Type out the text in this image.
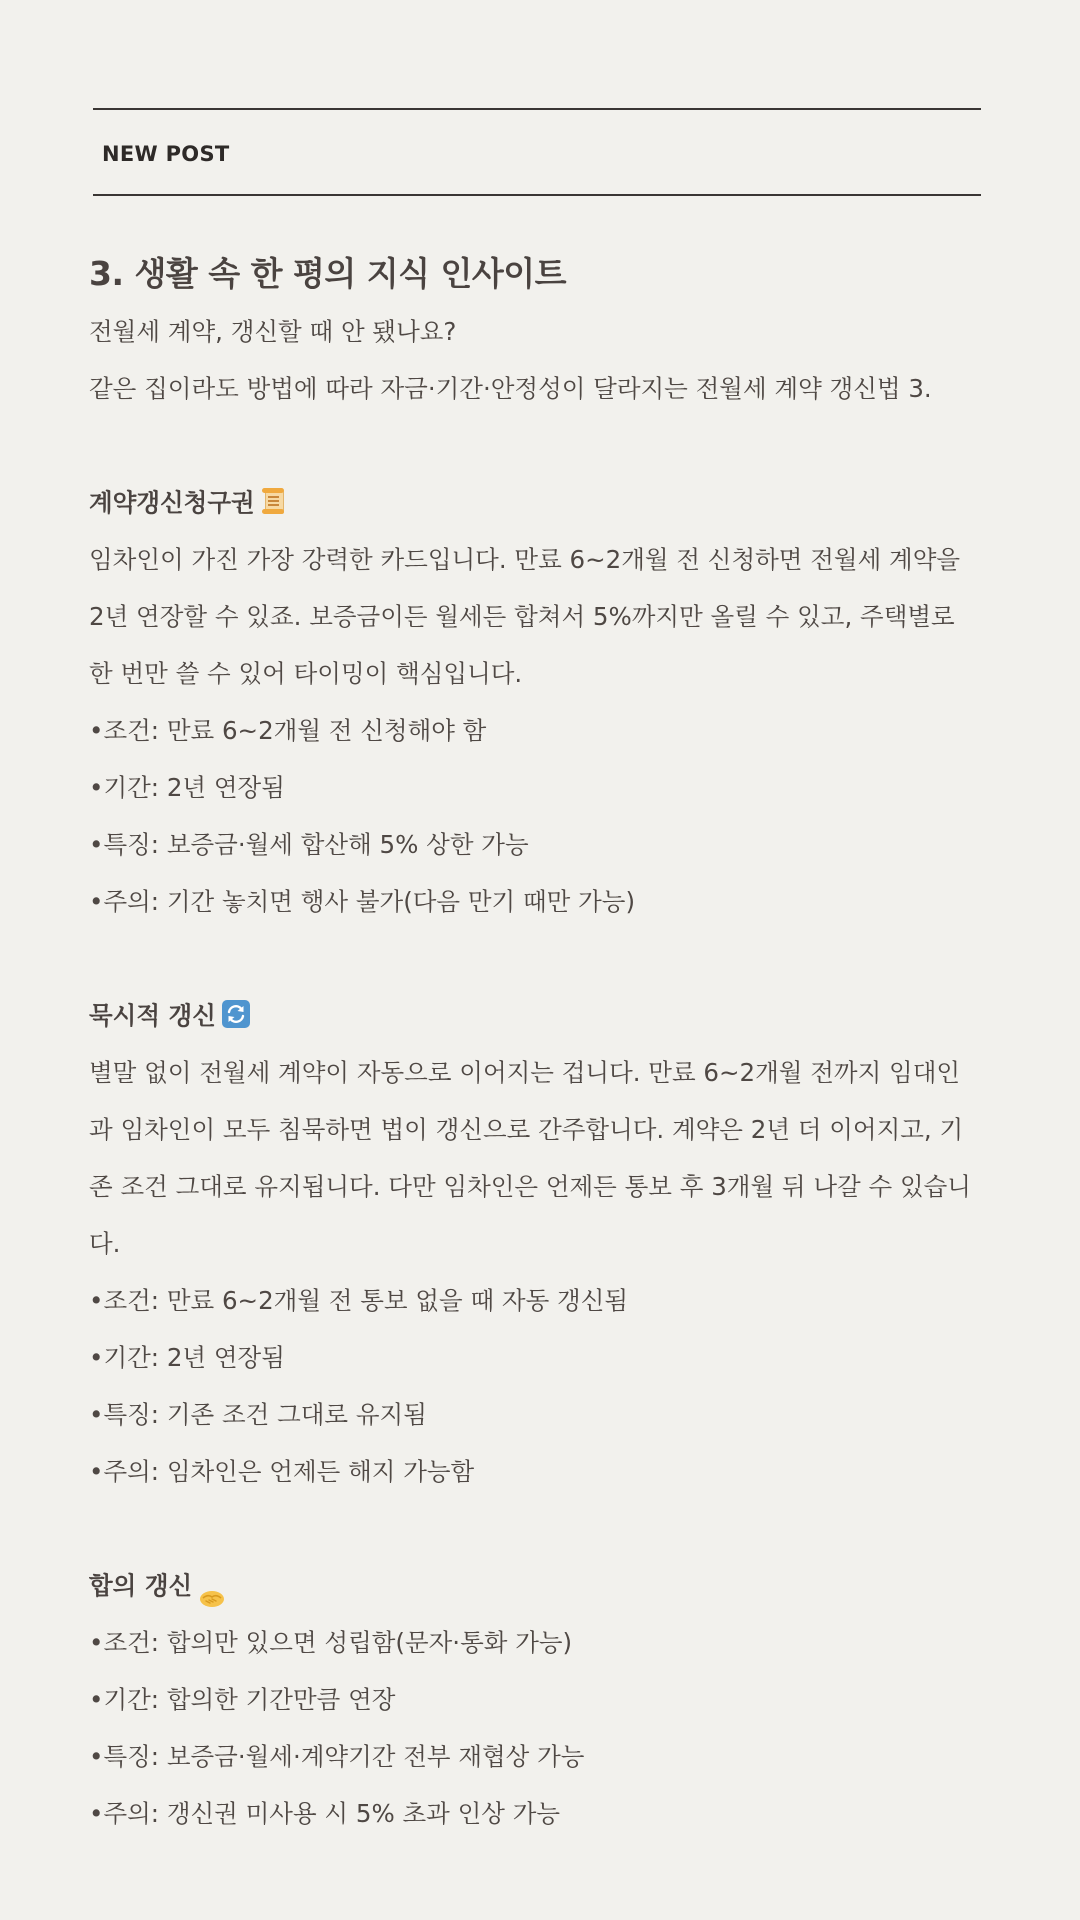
NEW POST
3. 생활 속 한 평의 지식 인사이트

전월세 계약, 갱신할 때 안 됐나요?

같은 집이라도 방법에 따라 자금·기간·안정성이 달라지는 전월세 계약 갱신법 3.

계약갱신청구권

임차인이 가진 가장 강력한 카드입니다. 만료 6~2개월 전 신청하면 전월세 계약을

2년 연장할 수 있죠. 보증금이든 월세든 합쳐서 5%까지만 올릴 수 있고, 주택별로

한 번만 쓸 수 있어 타이밍이 핵심입니다.

•조건: 만료 6~2개월 전 신청해야 함

•기간: 2년 연장됨

•특징: 보증금·월세 합산해 5% 상한 가능

•주의: 기간 놓치면 행사 불가(다음 만기 때만 가능)

묵시적 갱신

별말 없이 전월세 계약이 자동으로 이어지는 겁니다. 만료 6~2개월 전까지 임대인

과 임차인이 모두 침묵하면 법이 갱신으로 간주합니다. 계약은 2년 더 이어지고, 기

존 조건 그대로 유지됩니다. 다만 임차인은 언제든 통보 후 3개월 뒤 나갈 수 있습니

다.

•조건: 만료 6~2개월 전 통보 없을 때 자동 갱신됨

•기간: 2년 연장됨

•특징: 기존 조건 그대로 유지됨

•주의: 임차인은 언제든 해지 가능함

합의 갱신

•조건: 합의만 있으면 성립함(문자·통화 가능)

•기간: 합의한 기간만큼 연장

•특징: 보증금·월세·계약기간 전부 재협상 가능

•주의: 갱신권 미사용 시 5% 초과 인상 가능
